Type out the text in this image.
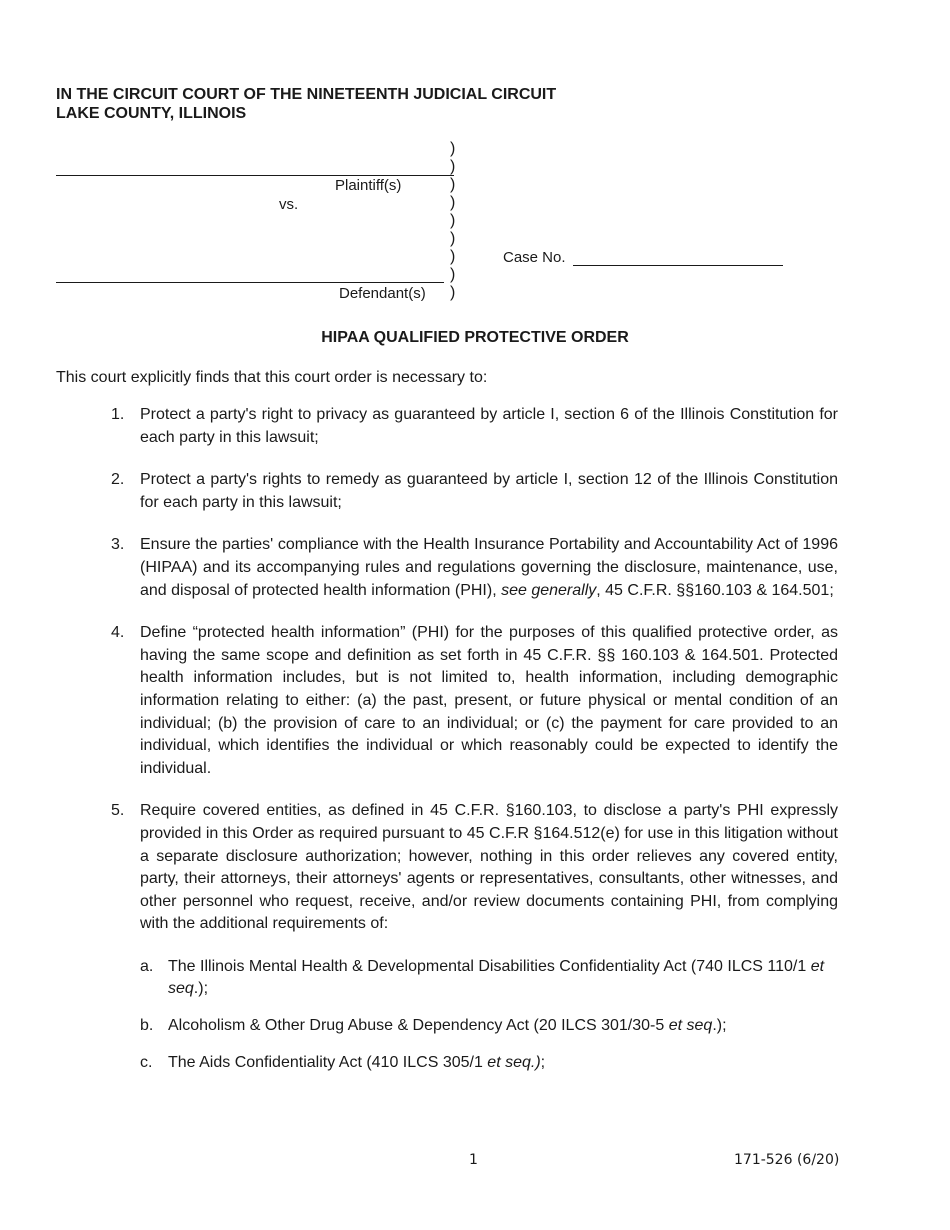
IN THE CIRCUIT COURT OF THE NINETEENTH JUDICIAL CIRCUIT
LAKE COUNTY, ILLINOIS
)
)
)
)
)
)
)
)
)
Plaintiff(s)
vs.
Defendant(s)
Case No.
HIPAA QUALIFIED PROTECTIVE ORDER
This court explicitly finds that this court order is necessary to:
1. Protect a party's right to privacy as guaranteed by article I, section 6 of the Illinois Constitution for each party in this lawsuit;
2. Protect a party's rights to remedy as guaranteed by article I, section 12 of the Illinois Constitution for each party in this lawsuit;
3. Ensure the parties' compliance with the Health Insurance Portability and Accountability Act of 1996 (HIPAA) and its accompanying rules and regulations governing the disclosure, maintenance, use, and disposal of protected health information (PHI), see generally, 45 C.F.R. §§160.103 & 164.501;
4. Define “protected health information” (PHI) for the purposes of this qualified protective order, as having the same scope and definition as set forth in 45 C.F.R. §§ 160.103 & 164.501. Protected health information includes, but is not limited to, health information, including demographic information relating to either: (a) the past, present, or future physical or mental condition of an individual; (b) the provision of care to an individual; or (c) the payment for care provided to an individual, which identifies the individual or which reasonably could be expected to identify the individual.
5. Require covered entities, as defined in 45 C.F.R. §160.103, to disclose a party's PHI expressly provided in this Order as required pursuant to 45 C.F.R §164.512(e) for use in this litigation without a separate disclosure authorization; however, nothing in this order relieves any covered entity, party, their attorneys, their attorneys' agents or representatives, consultants, other witnesses, and other personnel who request, receive, and/or review documents containing PHI, from complying with the additional requirements of:
a. The Illinois Mental Health & Developmental Disabilities Confidentiality Act (740 ILCS 110/1 et seq.);
b. Alcoholism & Other Drug Abuse & Dependency Act (20 ILCS 301/30-5 et seq.);
c. The Aids Confidentiality Act (410 ILCS 305/1 et seq.);
1	171-526 (6/20)
